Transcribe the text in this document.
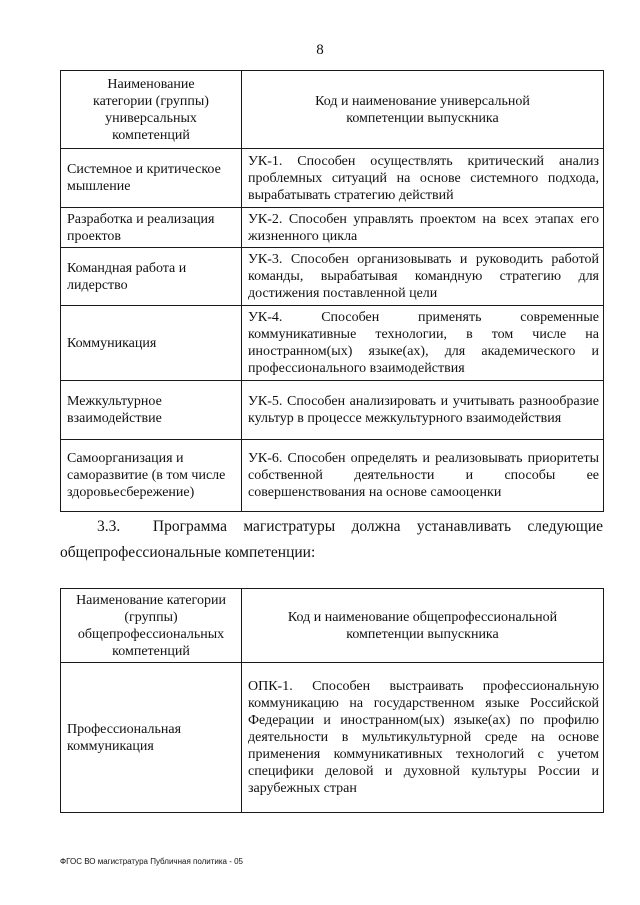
8
Наименование категории (группы) универсальных компетенций	Код и наименование универсальной компетенции выпускника
Системное и критическое мышление	УК-1. Способен осуществлять критический анализ проблемных ситуаций на основе системного подхода, вырабатывать стратегию действий
Разработка и реализация проектов	УК-2. Способен управлять проектом на всех этапах его жизненного цикла
Командная работа и лидерство	УК-3. Способен организовывать и руководить работой команды, вырабатывая командную стратегию для достижения поставленной цели
Коммуникация	УК-4. Способен применять современные коммуникативные технологии, в том числе на иностранном(ых) языке(ах), для академического и профессионального взаимодействия
Межкультурное взаимодействие	УК-5. Способен анализировать и учитывать разнообразие культур в процессе межкультурного взаимодействия
Самоорганизация и саморазвитие (в том числе здоровьесбережение)	УК-6. Способен определять и реализовывать приоритеты собственной деятельности и способы ее совершенствования на основе самооценки
3.3. Программа магистратуры должна устанавливать следующие
общепрофессиональные компетенции:
Наименование категории (группы) общепрофессиональных компетенций	Код и наименование общепрофессиональной компетенции выпускника
Профессиональная коммуникация	ОПК-1. Способен выстраивать профессиональную коммуникацию на государственном языке Российской Федерации и иностранном(ых) языке(ах) по профилю деятельности в мультикультурной среде на основе применения коммуникативных технологий с учетом специфики деловой и духовной культуры России и зарубежных стран
ФГОС ВО магистратура Публичная политика - 05
